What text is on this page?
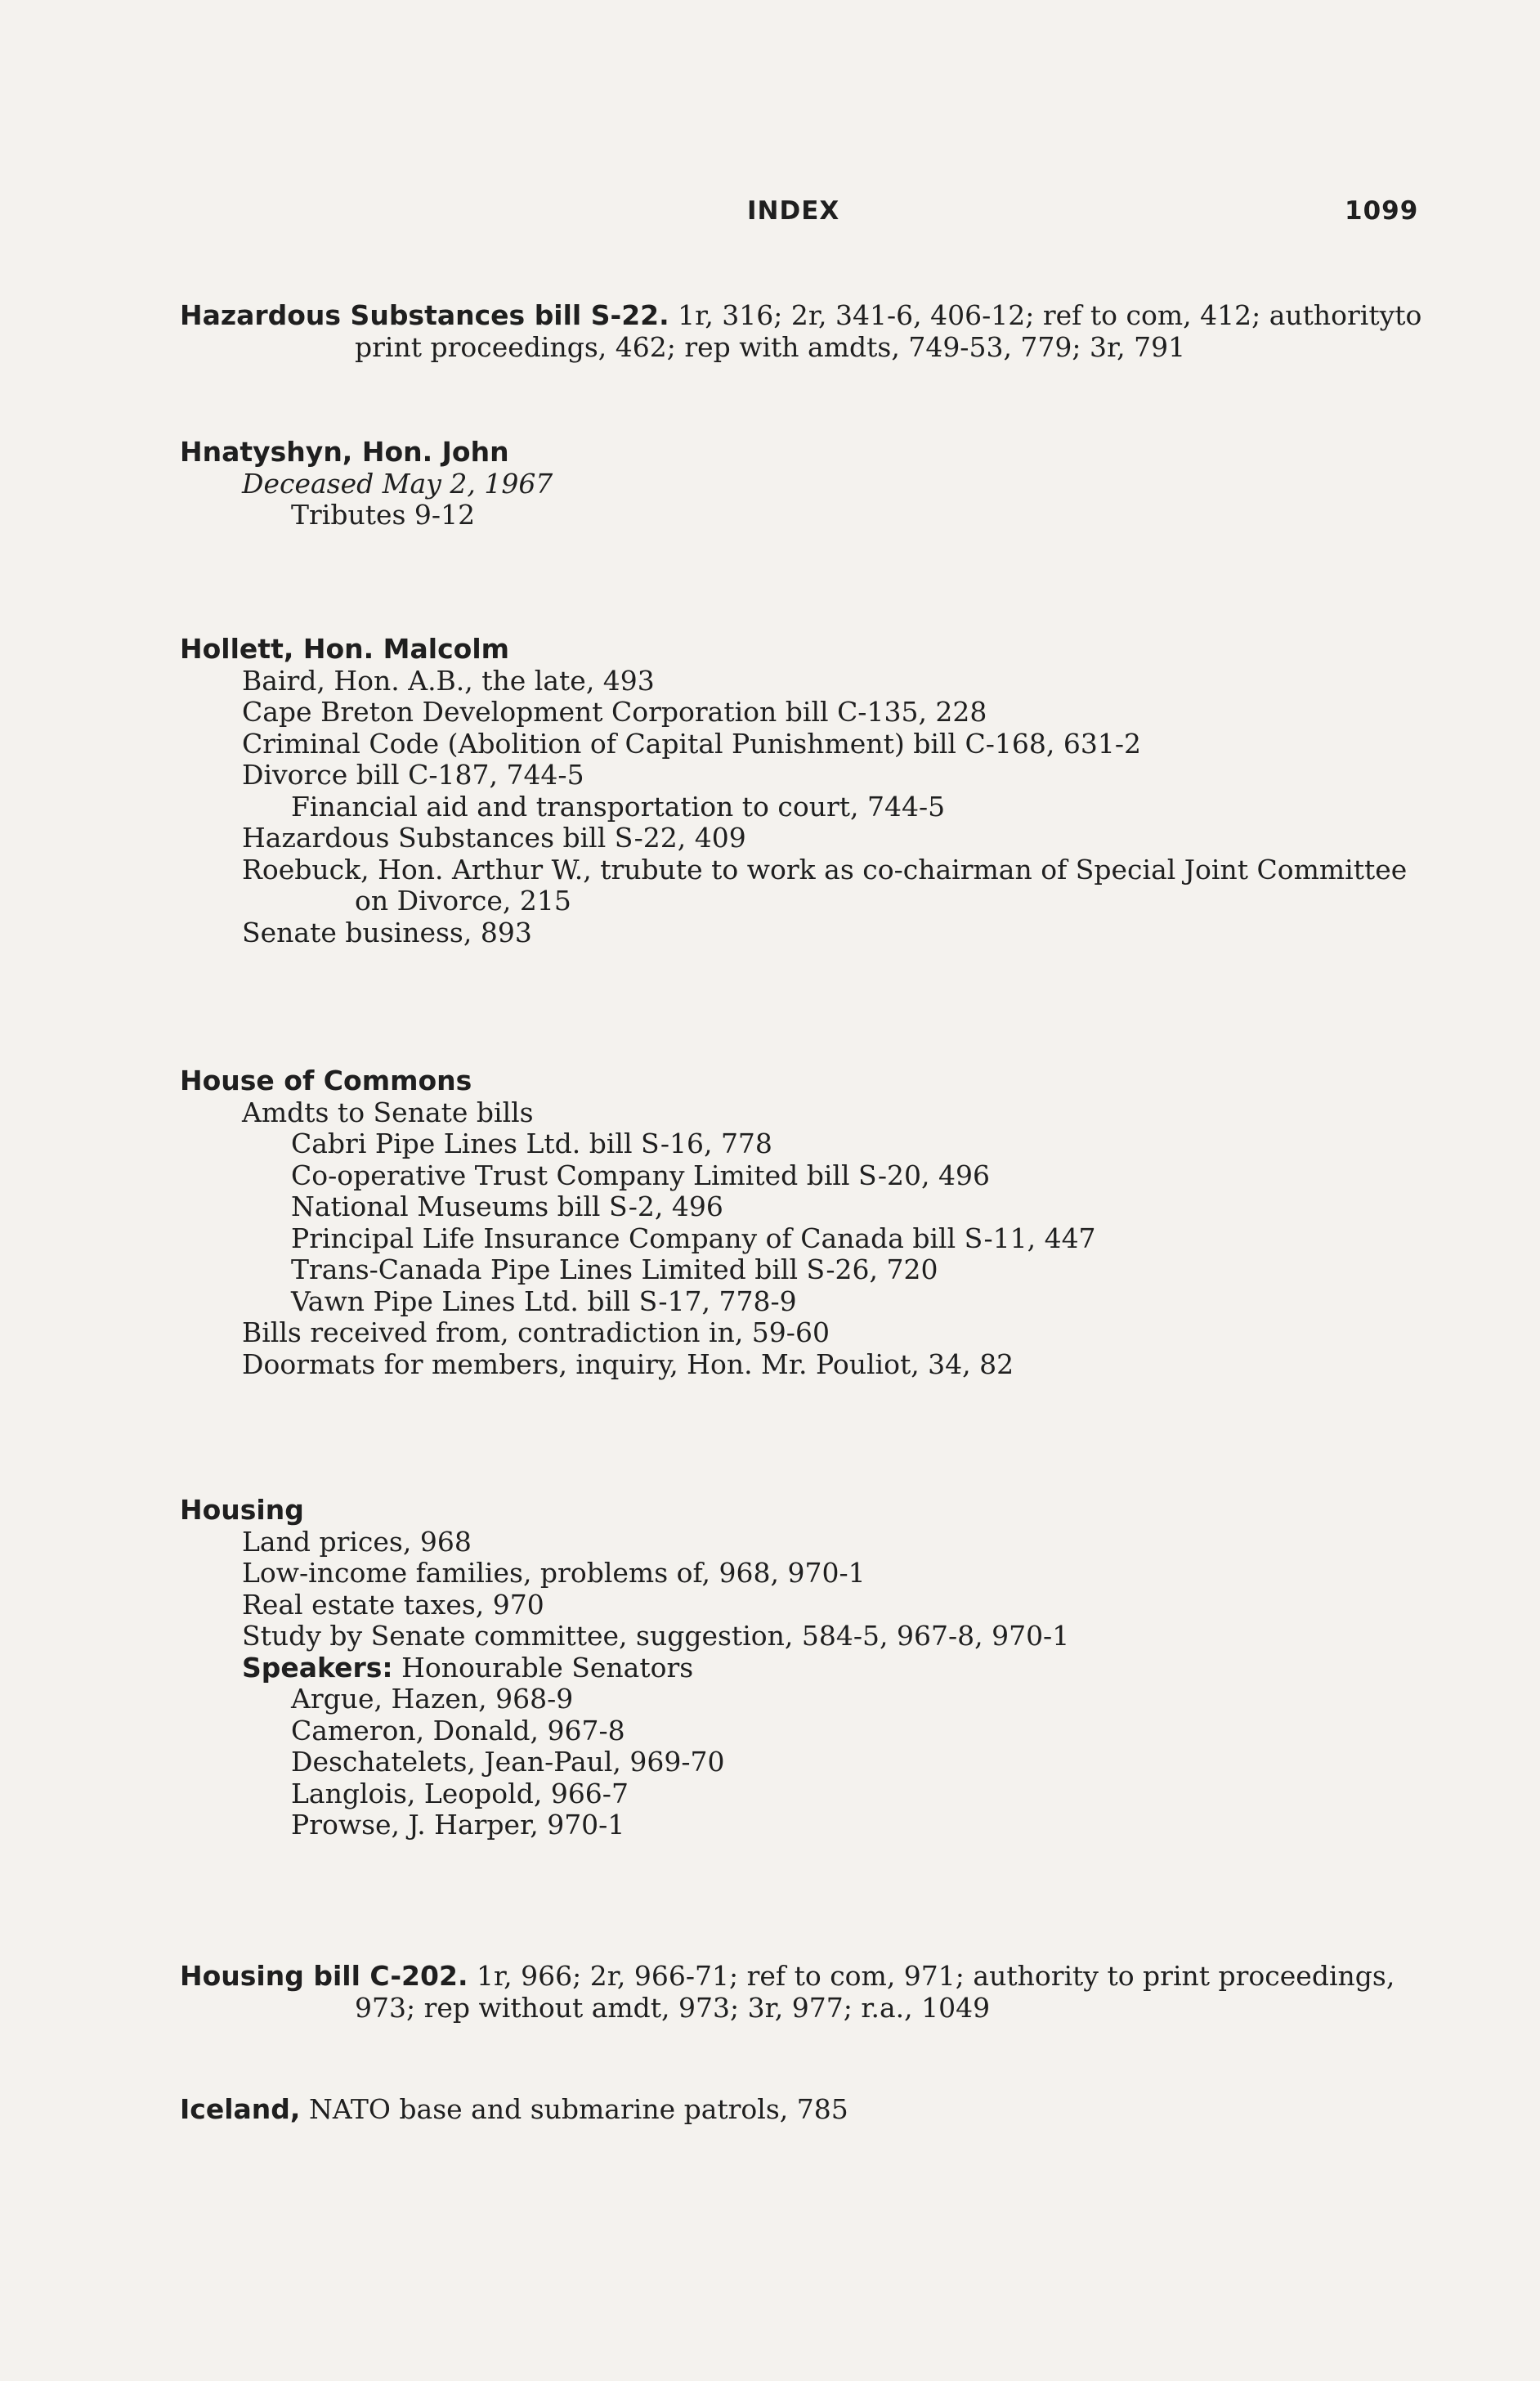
INDEX	1099
Hazardous Substances bill S-22. 1r, 316; 2r, 341-6, 406-12; ref to com, 412; authority to
print proceedings, 462; rep with amdts, 749-53, 779; 3r, 791
Hnatyshyn, Hon. John
Deceased May 2, 1967
Tributes 9-12
Hollett, Hon. Malcolm
Baird, Hon. A.B., the late, 493
Cape Breton Development Corporation bill C-135, 228
Criminal Code (Abolition of Capital Punishment) bill C-168, 631-2
Divorce bill C-187, 744-5
Financial aid and transportation to court, 744-5
Hazardous Substances bill S-22, 409
Roebuck, Hon. Arthur W., trubute to work as co-chairman of Special Joint Committee
on Divorce, 215
Senate business, 893
House of Commons
Amdts to Senate bills
Cabri Pipe Lines Ltd. bill S-16, 778
Co-operative Trust Company Limited bill S-20, 496
National Museums bill S-2, 496
Principal Life Insurance Company of Canada bill S-11, 447
Trans-Canada Pipe Lines Limited bill S-26, 720
Vawn Pipe Lines Ltd. bill S-17, 778-9
Bills received from, contradiction in, 59-60
Doormats for members, inquiry, Hon. Mr. Pouliot, 34, 82
Housing
Land prices, 968
Low-income families, problems of, 968, 970-1
Real estate taxes, 970
Study by Senate committee, suggestion, 584-5, 967-8, 970-1
Speakers: Honourable Senators
Argue, Hazen, 968-9
Cameron, Donald, 967-8
Deschatelets, Jean-Paul, 969-70
Langlois, Leopold, 966-7
Prowse, J. Harper, 970-1
Housing bill C-202. 1r, 966; 2r, 966-71; ref to com, 971; authority to print proceedings,
973; rep without amdt, 973; 3r, 977; r.a., 1049
Iceland, NATO base and submarine patrols, 785
